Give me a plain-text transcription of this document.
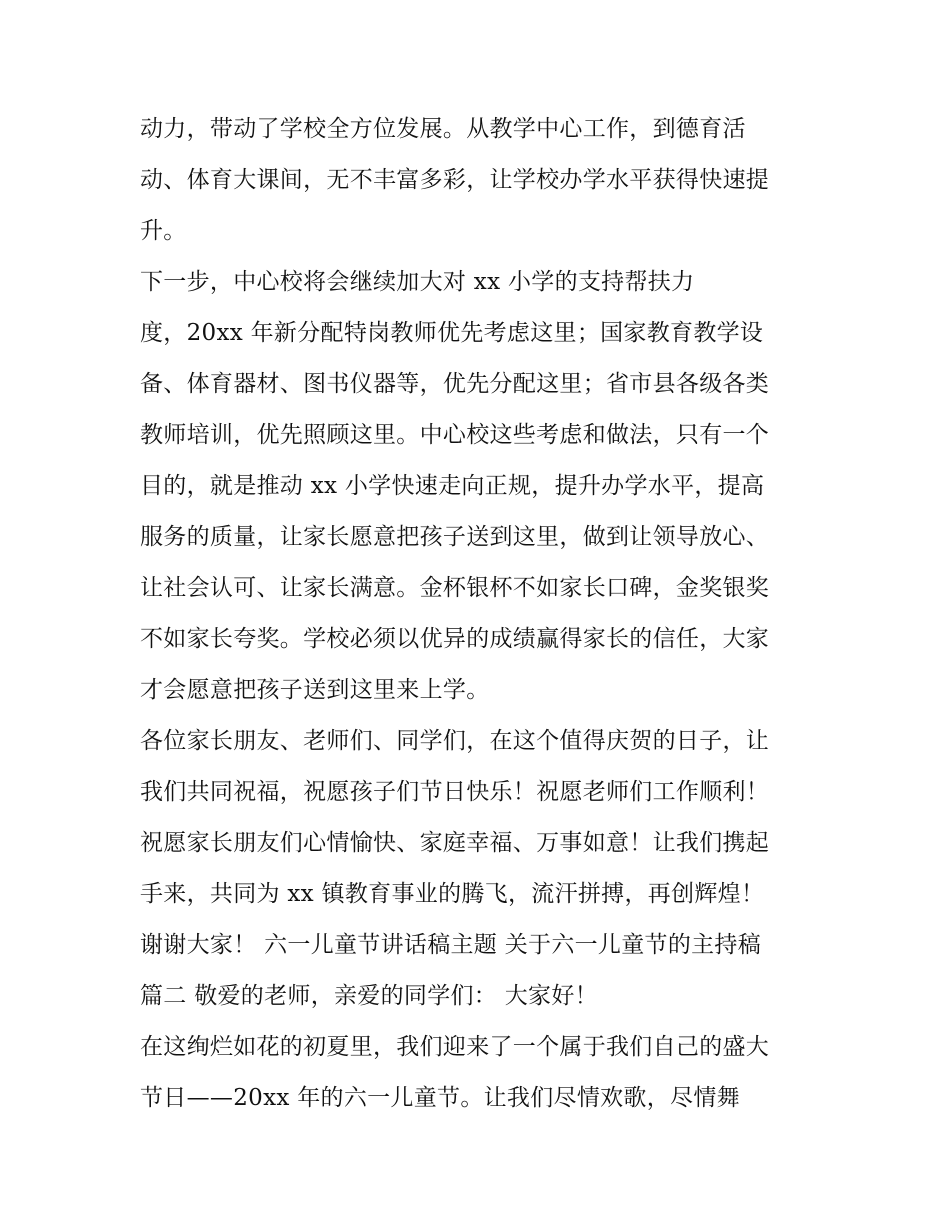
动力，带动了学校全方位发展。从教学中心工作，到德育活
动、体育大课间，无不丰富多彩，让学校办学水平获得快速提
升。
下一步，中心校将会继续加大对 xx 小学的支持帮扶力
度，20xx 年新分配特岗教师优先考虑这里；国家教育教学设
备、体育器材、图书仪器等，优先分配这里；省市县各级各类
教师培训，优先照顾这里。中心校这些考虑和做法，只有一个
目的，就是推动 xx 小学快速走向正规，提升办学水平，提高
服务的质量，让家长愿意把孩子送到这里，做到让领导放心、
让社会认可、让家长满意。金杯银杯不如家长口碑，金奖银奖
不如家长夸奖。学校必须以优异的成绩赢得家长的信任，大家
才会愿意把孩子送到这里来上学。
各位家长朋友、老师们、同学们，在这个值得庆贺的日子，让
我们共同祝福，祝愿孩子们节日快乐！祝愿老师们工作顺利！
祝愿家长朋友们心情愉快、家庭幸福、万事如意！让我们携起
手来，共同为 xx 镇教育事业的腾飞，流汗拼搏，再创辉煌！
谢谢大家！ 六一儿童节讲话稿主题 关于六一儿童节的主持稿
篇二 敬爱的老师，亲爱的同学们： 大家好！
在这绚烂如花的初夏里，我们迎来了一个属于我们自己的盛大
节日——20xx 年的六一儿童节。让我们尽情欢歌，尽情舞
